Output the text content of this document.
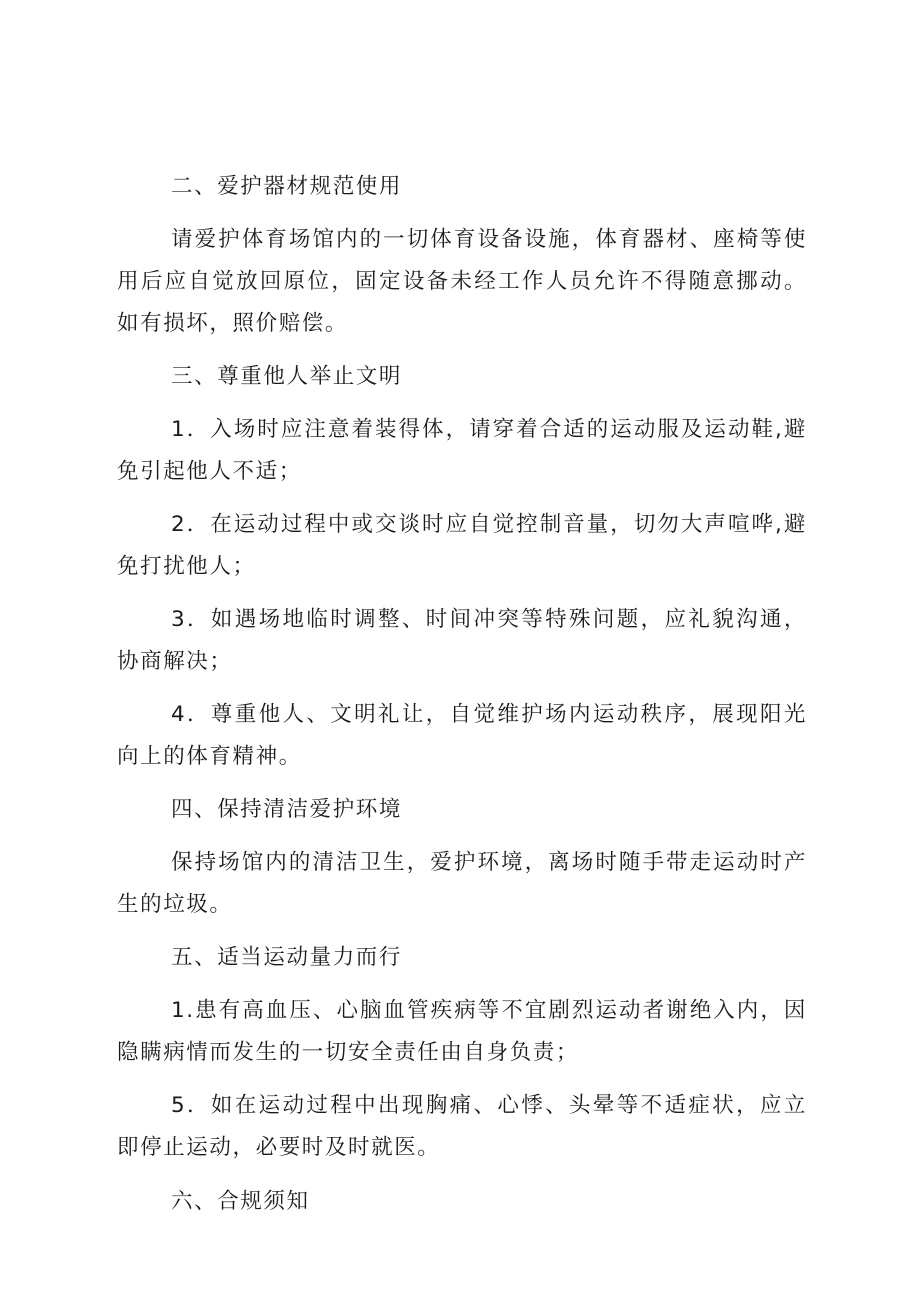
二、爱护器材规范使用
请爱护体育场馆内的一切体育设备设施，体育器材、座椅等使用后应自觉放回原位，固定设备未经工作人员允许不得随意挪动。如有损坏，照价赔偿。
三、尊重他人举止文明
1．入场时应注意着装得体，请穿着合适的运动服及运动鞋,避免引起他人不适；
2．在运动过程中或交谈时应自觉控制音量，切勿大声喧哗,避免打扰他人；
3．如遇场地临时调整、时间冲突等特殊问题，应礼貌沟通，协商解决；
4．尊重他人、文明礼让，自觉维护场内运动秩序，展现阳光向上的体育精神。
四、保持清洁爱护环境
保持场馆内的清洁卫生，爱护环境，离场时随手带走运动时产生的垃圾。
五、适当运动量力而行
1.患有高血压、心脑血管疾病等不宜剧烈运动者谢绝入内，因隐瞒病情而发生的一切安全责任由自身负责；
5．如在运动过程中出现胸痛、心悸、头晕等不适症状，应立即停止运动，必要时及时就医。
六、合规须知
